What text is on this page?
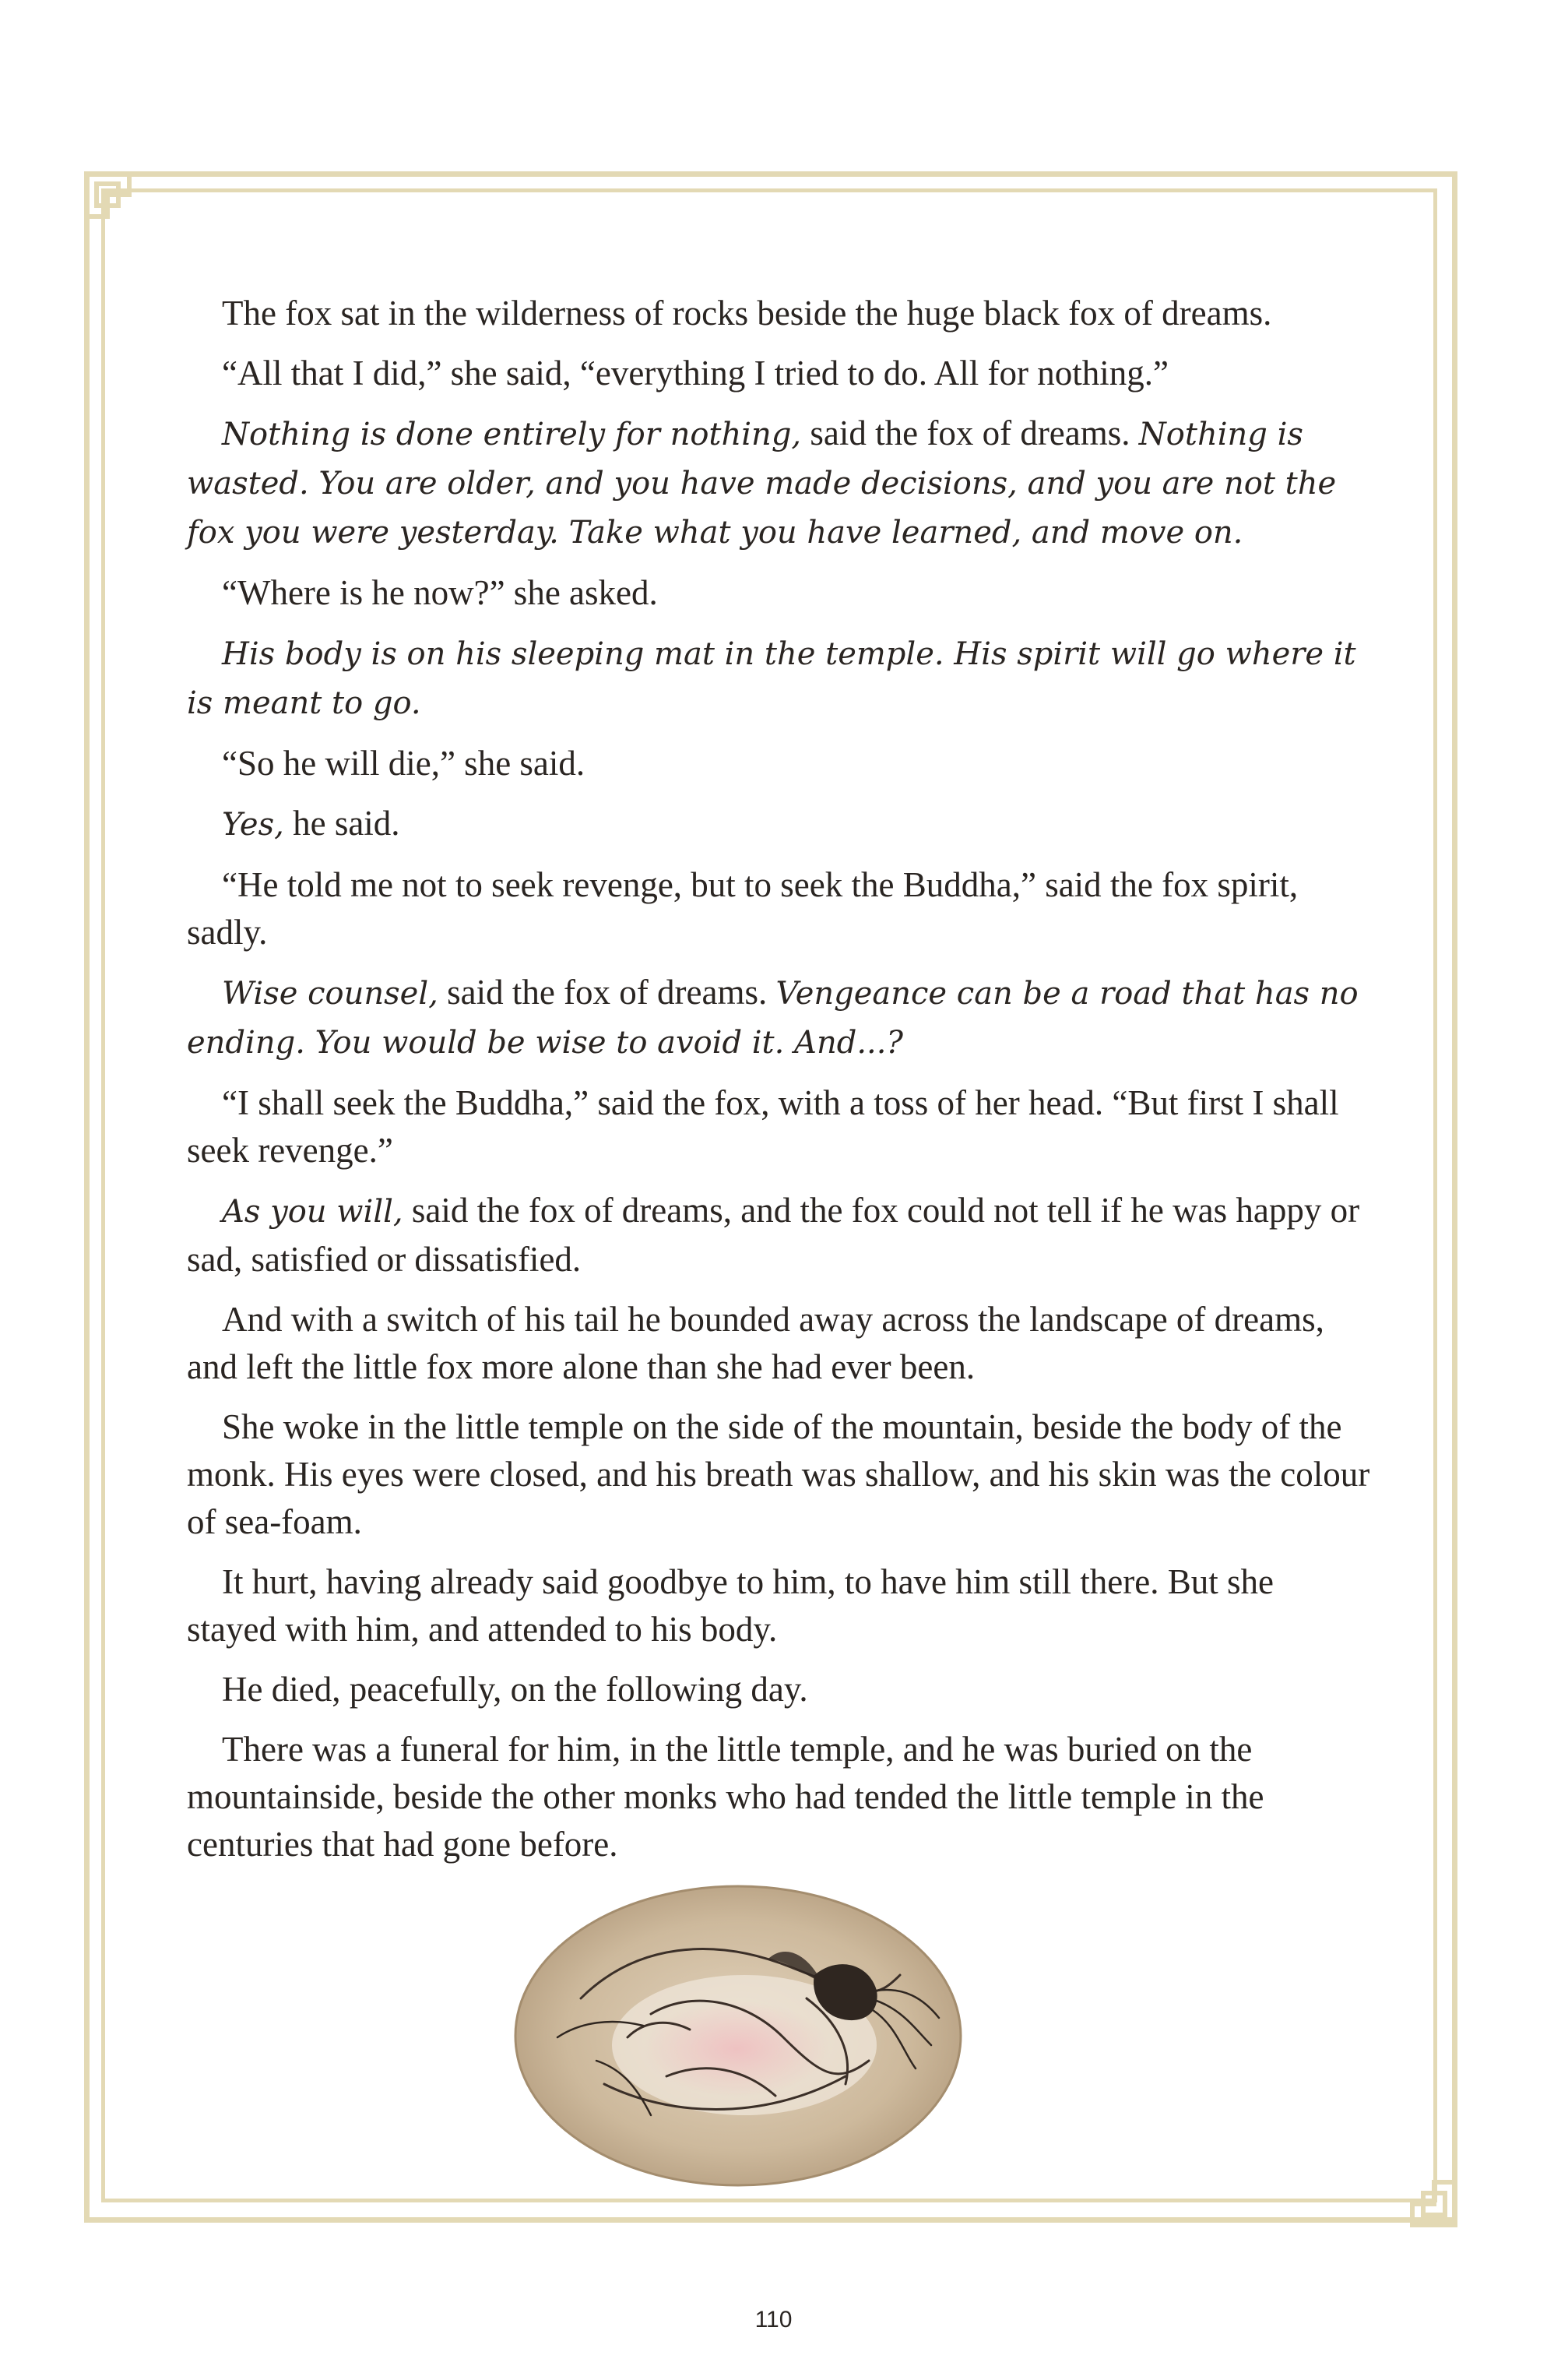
The fox sat in the wilderness of rocks beside the huge black fox of dreams.

“All that I did,” she said, “everything I tried to do. All for nothing.”

Nothing is done entirely for nothing, said the fox of dreams. Nothing is wasted. You are older, and you have made decisions, and you are not the fox you were yesterday. Take what you have learned, and move on.

“Where is he now?” she asked.

His body is on his sleeping mat in the temple. His spirit will go where it is meant to go.

“So he will die,” she said.

Yes, he said.

“He told me not to seek revenge, but to seek the Buddha,” said the fox spirit, sadly.

Wise counsel, said the fox of dreams. Vengeance can be a road that has no ending. You would be wise to avoid it. And...?

“I shall seek the Buddha,” said the fox, with a toss of her head. “But first I shall seek revenge.”

As you will, said the fox of dreams, and the fox could not tell if he was happy or sad, satisfied or dissatisfied.

And with a switch of his tail he bounded away across the landscape of dreams, and left the little fox more alone than she had ever been.

She woke in the little temple on the side of the mountain, beside the body of the monk. His eyes were closed, and his breath was shallow, and his skin was the colour of sea-foam.

It hurt, having already said goodbye to him, to have him still there. But she stayed with him, and attended to his body.

He died, peacefully, on the following day.

There was a funeral for him, in the little temple, and he was buried on the mountainside, beside the other monks who had tended the little temple in the centuries that had gone before.

110
